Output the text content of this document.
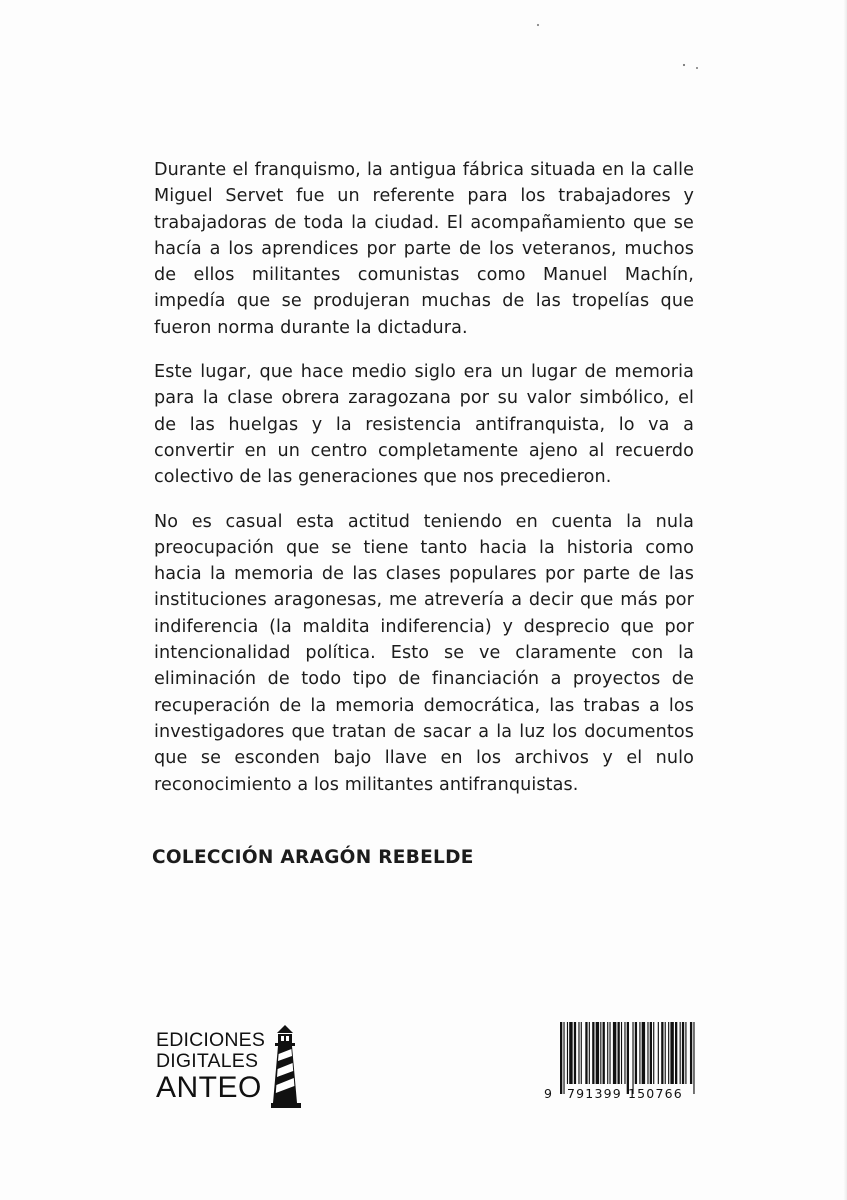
Durante el franquismo, la antigua fábrica situada en la calle Miguel Servet fue un referente para los trabajadores y trabajadoras de toda la ciudad. El acompañamiento que se hacía a los aprendices por parte de los veteranos, muchos de ellos militantes comunistas como Manuel Machín, impedía que se produjeran muchas de las tropelías que fueron norma durante la dictadura.

Este lugar, que hace medio siglo era un lugar de memoria para la clase obrera zaragozana por su valor simbólico, el de las huelgas y la resistencia antifranquista, lo va a convertir en un centro completamente ajeno al recuerdo colectivo de las generaciones que nos precedieron.

No es casual esta actitud teniendo en cuenta la nula preocupación que se tiene tanto hacia la historia como hacia la memoria de las clases populares por parte de las instituciones aragonesas, me atrevería a decir que más por indiferencia (la maldita indiferencia) y desprecio que por intencionalidad política. Esto se ve claramente con la eliminación de todo tipo de financiación a proyectos de recuperación de la memoria democrática, las trabas a los investigadores que tratan de sacar a la luz los documentos que se esconden bajo llave en los archivos y el nulo reconocimiento a los militantes antifranquistas.

COLECCIÓN ARAGÓN REBELDE
EDICIONES
DIGITALES
ANTEO	9 791399 150766
